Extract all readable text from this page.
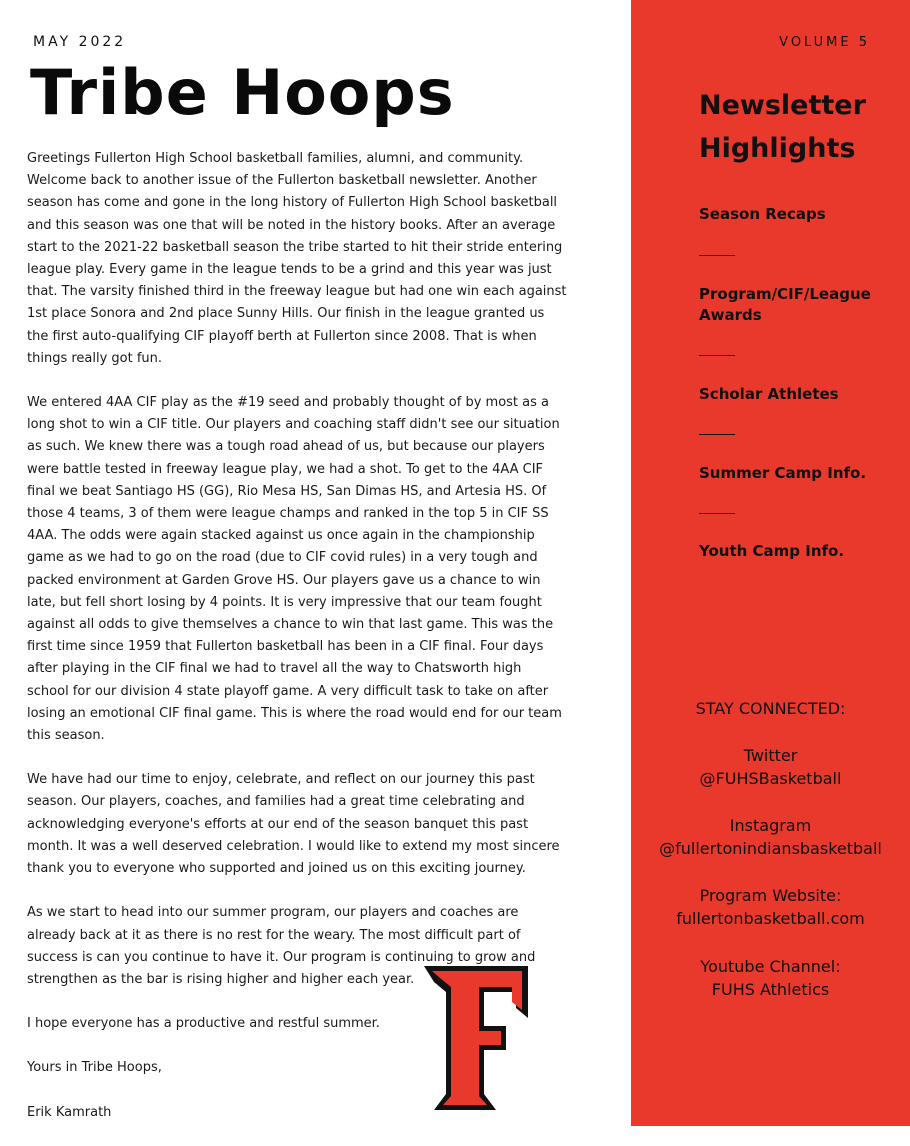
MAY 2022
Tribe Hoops

Greetings Fullerton High School basketball families, alumni, and community. Welcome back to another issue of the Fullerton basketball newsletter. Another season has come and gone in the long history of Fullerton High School basketball and this season was one that will be noted in the history books. After an average start to the 2021-22 basketball season the tribe started to hit their stride entering league play. Every game in the league tends to be a grind and this year was just that. The varsity finished third in the freeway league but had one win each against 1st place Sonora and 2nd place Sunny Hills. Our finish in the league granted us the first auto-qualifying CIF playoff berth at Fullerton since 2008. That is when things really got fun.

We entered 4AA CIF play as the #19 seed and probably thought of by most as a long shot to win a CIF title. Our players and coaching staff didn't see our situation as such. We knew there was a tough road ahead of us, but because our players were battle tested in freeway league play, we had a shot. To get to the 4AA CIF final we beat Santiago HS (GG), Rio Mesa HS, San Dimas HS, and Artesia HS. Of those 4 teams, 3 of them were league champs and ranked in the top 5 in CIF SS 4AA. The odds were again stacked against us once again in the championship game as we had to go on the road (due to CIF covid rules) in a very tough and packed environment at Garden Grove HS. Our players gave us a chance to win late, but fell short losing by 4 points. It is very impressive that our team fought against all odds to give themselves a chance to win that last game. This was the first time since 1959 that Fullerton basketball has been in a CIF final. Four days after playing in the CIF final we had to travel all the way to Chatsworth high school for our division 4 state playoff game. A very difficult task to take on after losing an emotional CIF final game. This is where the road would end for our team this season.

We have had our time to enjoy, celebrate, and reflect on our journey this past season. Our players, coaches, and families had a great time celebrating and acknowledging everyone's efforts at our end of the season banquet this past month. It was a well deserved celebration. I would like to extend my most sincere thank you to everyone who supported and joined us on this exciting journey.

As we start to head into our summer program, our players and coaches are already back at it as there is no rest for the weary. The most difficult part of success is can you continue to have it. Our program is continuing to grow and strengthen as the bar is rising higher and higher each year.

I hope everyone has a productive and restful summer.

Yours in Tribe Hoops,

Erik Kamrath

VOLUME 5
Newsletter
Highlights
Season Recaps
Program/CIF/League Awards
Scholar Athletes
Summer Camp Info.
Youth Camp Info.
STAY CONNECTED:
Twitter
@FUHSBasketball
Instagram
@fullertonindiansbasketball
Program Website:
fullertonbasketball.com
Youtube Channel:
FUHS Athletics
